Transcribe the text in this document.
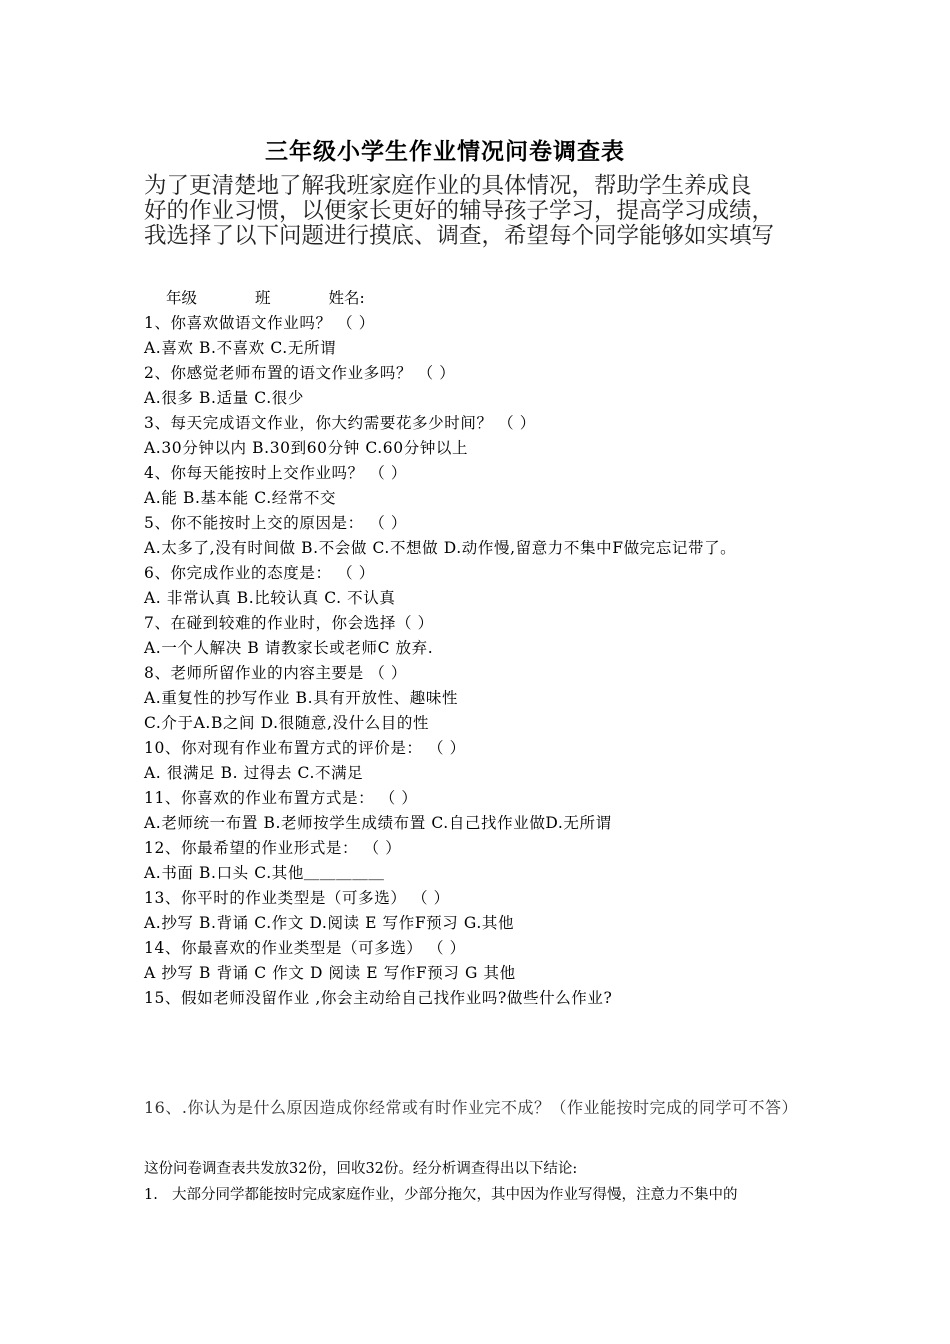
三年级小学生作业情况问卷调查表
为了更清楚地了解我班家庭作业的具体情况，帮助学生养成良
好的作业习惯，以便家长更好的辅导孩子学习，提高学习成绩，
我选择了以下问题进行摸底、调查，希望每个同学能够如实填写
年级	班	姓名:
1、你喜欢做语文作业吗？ （ ）
A.喜欢 B.不喜欢 C.无所谓
2、你感觉老师布置的语文作业多吗？ （ ）
A.很多 B.适量 C.很少
3、每天完成语文作业，你大约需要花多少时间？ （ ）
A.30分钟以内 B.30到60分钟 C.60分钟以上
4、你每天能按时上交作业吗？ （ ）
A.能 B.基本能 C.经常不交
5、你不能按时上交的原因是： （ ）
A.太多了,没有时间做 B.不会做 C.不想做 D.动作慢,留意力不集中F做完忘记带了。
6、你完成作业的态度是： （ ）
A. 非常认真 B.比较认真 C. 不认真
7、在碰到较难的作业时，你会选择（ ）
A.一个人解决 B 请教家长或老师C 放弃.
8、老师所留作业的内容主要是 （ ）
A.重复性的抄写作业 B.具有开放性、趣味性
C.介于A.B之间 D.很随意,没什么目的性
10、你对现有作业布置方式的评价是： （ ）
A. 很满足 B. 过得去 C.不满足
11、你喜欢的作业布置方式是： （ ）
A.老师统一布置 B.老师按学生成绩布置 C.自己找作业做D.无所谓
12、你最希望的作业形式是： （ ）
A.书面 B.口头 C.其他＿＿＿＿＿
13、你平时的作业类型是（可多选） （ ）
A.抄写 B.背诵 C.作文 D.阅读 E 写作F预习 G.其他
14、你最喜欢的作业类型是（可多选） （ ）
A 抄写 B 背诵 C 作文 D 阅读 E 写作F预习 G 其他
15、假如老师没留作业 ,你会主动给自己找作业吗?做些什么作业?
16、.你认为是什么原因造成你经常或有时作业完不成？（作业能按时完成的同学可不答）
这份问卷调查表共发放32份，回收32份。经分析调查得出以下结论:
1. 大部分同学都能按时完成家庭作业，少部分拖欠，其中因为作业写得慢，注意力不集中的
